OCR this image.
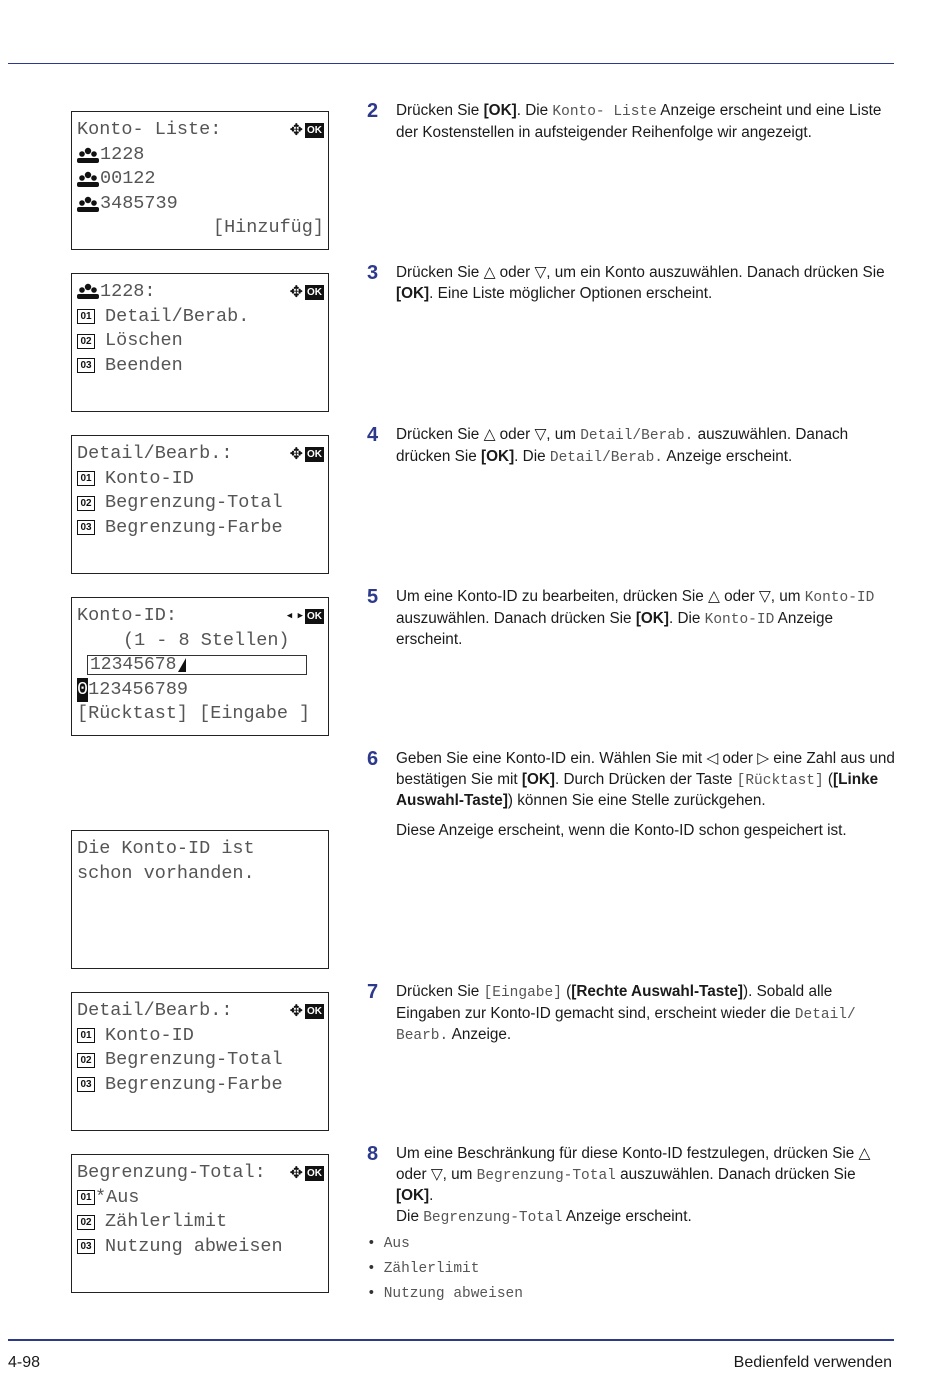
Konto- Liste:	✥ OK
1228
00122
3485739
[Hinzufüg]
1228:	✥ OK
01 Detail/Berab.
02 Löschen
03 Beenden
Detail/Bearb.:	✥ OK
01 Konto-ID
02 Begrenzung-Total
03 Begrenzung-Farbe
Konto-ID:	◀ ▶ OK
(1 - 8 Stellen)
12345678
0 123456789
[Rücktast] [Eingabe ]
Die Konto-ID ist
schon vorhanden.
Detail/Bearb.:	✥ OK
01 Konto-ID
02 Begrenzung-Total
03 Begrenzung-Farbe
Begrenzung-Total: ✥ OK
01 *Aus
02 Zählerlimit
03 Nutzung abweisen
2 Drücken Sie [OK]. Die Konto- Liste Anzeige erscheint und eine Liste der Kostenstellen in aufsteigender Reihenfolge wir angezeigt.
3 Drücken Sie △ oder ▽, um ein Konto auszuwählen. Danach drücken Sie [OK]. Eine Liste möglicher Optionen erscheint.
4 Drücken Sie △ oder ▽, um Detail/Berab. auszuwählen. Danach drücken Sie [OK]. Die Detail/Berab. Anzeige erscheint.
5 Um eine Konto-ID zu bearbeiten, drücken Sie △ oder ▽, um Konto-ID auszuwählen. Danach drücken Sie [OK]. Die Konto-ID Anzeige erscheint.
6 Geben Sie eine Konto-ID ein. Wählen Sie mit ◁ oder ▷ eine Zahl aus und bestätigen Sie mit [OK]. Durch Drücken der Taste [Rücktast] ([Linke Auswahl-Taste]) können Sie eine Stelle zurückgehen.
Diese Anzeige erscheint, wenn die Konto-ID schon gespeichert ist.
7 Drücken Sie [Eingabe] ([Rechte Auswahl-Taste]). Sobald alle Eingaben zur Konto-ID gemacht sind, erscheint wieder die Detail/ Bearb. Anzeige.
8 Um eine Beschränkung für diese Konto-ID festzulegen, drücken Sie △ oder ▽, um Begrenzung-Total auszuwählen. Danach drücken Sie [OK].
Die Begrenzung-Total Anzeige erscheint.
• Aus
• Zählerlimit
• Nutzung abweisen
4-98	Bedienfeld verwenden
